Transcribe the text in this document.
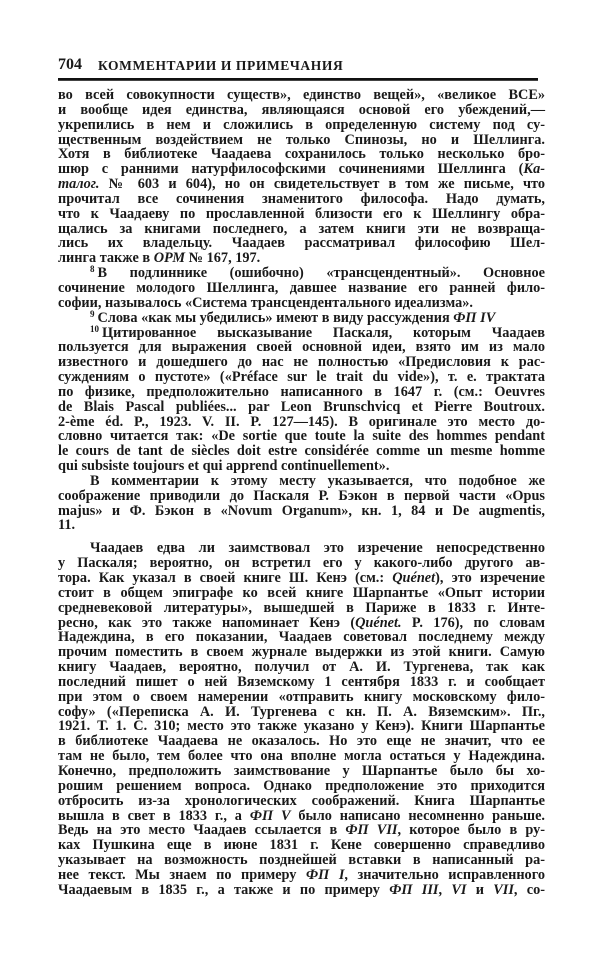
704 КОММЕНТАРИИ И ПРИМЕЧАНИЯ
во всей совокупности существ», единство вещей», «великое ВСЕ»
и вообще идея единства, являющаяся основой его убеждений,—
укрепились в нем и сложились в определенную систему под су-
щественным воздействием не только Спинозы, но и Шеллинга.
Хотя в библиотеке Чаадаева сохранилось только несколько бро-
шюр с ранними натурфилософскими сочинениями Шеллинга (Ка-
талог. № 603 и 604), но он свидетельствует в том же письме, что
прочитал все сочинения знаменитого философа. Надо думать,
что к Чаадаеву по прославленной близости его к Шеллингу обра-
щались за книгами последнего, а затем книги эти не возвраща-
лись их владельцу. Чаадаев рассматривал философию Шел-
линга также в ОРМ № 167, 197.
$^8$ В подлиннике (ошибочно) «трансцендентный». Основное
сочинение молодого Шеллинга, давшее название его ранней фило-
софии, называлось «Система трансцендентального идеализма».
$^9$ Слова «как мы убедились» имеют в виду рассуждения ФП IV
$^{10}$ Цитированное высказывание Паскаля, которым Чаадаев
пользуется для выражения своей основной идеи, взято им из мало
известного и дошедшего до нас не полностью «Предисловия к рас-
суждениям о пустоте» («Préface sur le trait du vide»), т. е. трактата
по физике, предположительно написанного в 1647 г. (см.: Oeuvres
de Blais Pascal publiées... par Leon Brunschvicq et Pierre Boutroux.
2-ème éd. P., 1923. V. II. P. 127—145). В оригинале это место до-
словно читается так: «De sortie que toute la suite des hommes pendant
le cours de tant de siècles doit estre considérée comme un mesme homme
qui subsiste toujours et qui apprend continuellement».
В комментарии к этому месту указывается, что подобное же
соображение приводили до Паскаля Р. Бэкон в первой части «Opus
majus» и Ф. Бэкон в «Novum Organum», кн. 1, 84 и De augmentis,
11.
Чаадаев едва ли заимствовал это изречение непосредственно
у Паскаля; вероятно, он встретил его у какого-либо другого ав-
тора. Как указал в своей книге Ш. Кенэ (см.: Quénet), это изречение
стоит в общем эпиграфе ко всей книге Шарпантье «Опыт истории
средневековой литературы», вышедшей в Париже в 1833 г. Инте-
ресно, как это также напоминает Кенэ (Quénet. P. 176), по словам
Надеждина, в его показании, Чаадаев советовал последнему между
прочим поместить в своем журнале выдержки из этой книги. Самую
книгу Чаадаев, вероятно, получил от А. И. Тургенева, так как
последний пишет о ней Вяземскому 1 сентября 1833 г. и сообщает
при этом о своем намерении «отправить книгу московскому фило-
софу» («Переписка А. И. Тургенева с кн. П. А. Вяземским». Пг.,
1921. Т. 1. С. 310; место это также указано у Кенэ). Книги Шарпантье
в библиотеке Чаадаева не оказалось. Но это еще не значит, что ее
там не было, тем более что она вполне могла остаться у Надеждина.
Конечно, предположить заимствование у Шарпантье было бы хо-
рошим решением вопроса. Однако предположение это приходится
отбросить из-за хронологических соображений. Книга Шарпантье
вышла в свет в 1833 г., а ФП V было написано несомненно раньше.
Ведь на это место Чаадаев ссылается в ФП VII, которое было в ру-
ках Пушкина еще в июне 1831 г. Кене совершенно справедливо
указывает на возможность позднейшей вставки в написанный ра-
нее текст. Мы знаем по примеру ФП I, значительно исправленного
Чаадаевым в 1835 г., а также и по примеру ФП III, VI и VII, со-
